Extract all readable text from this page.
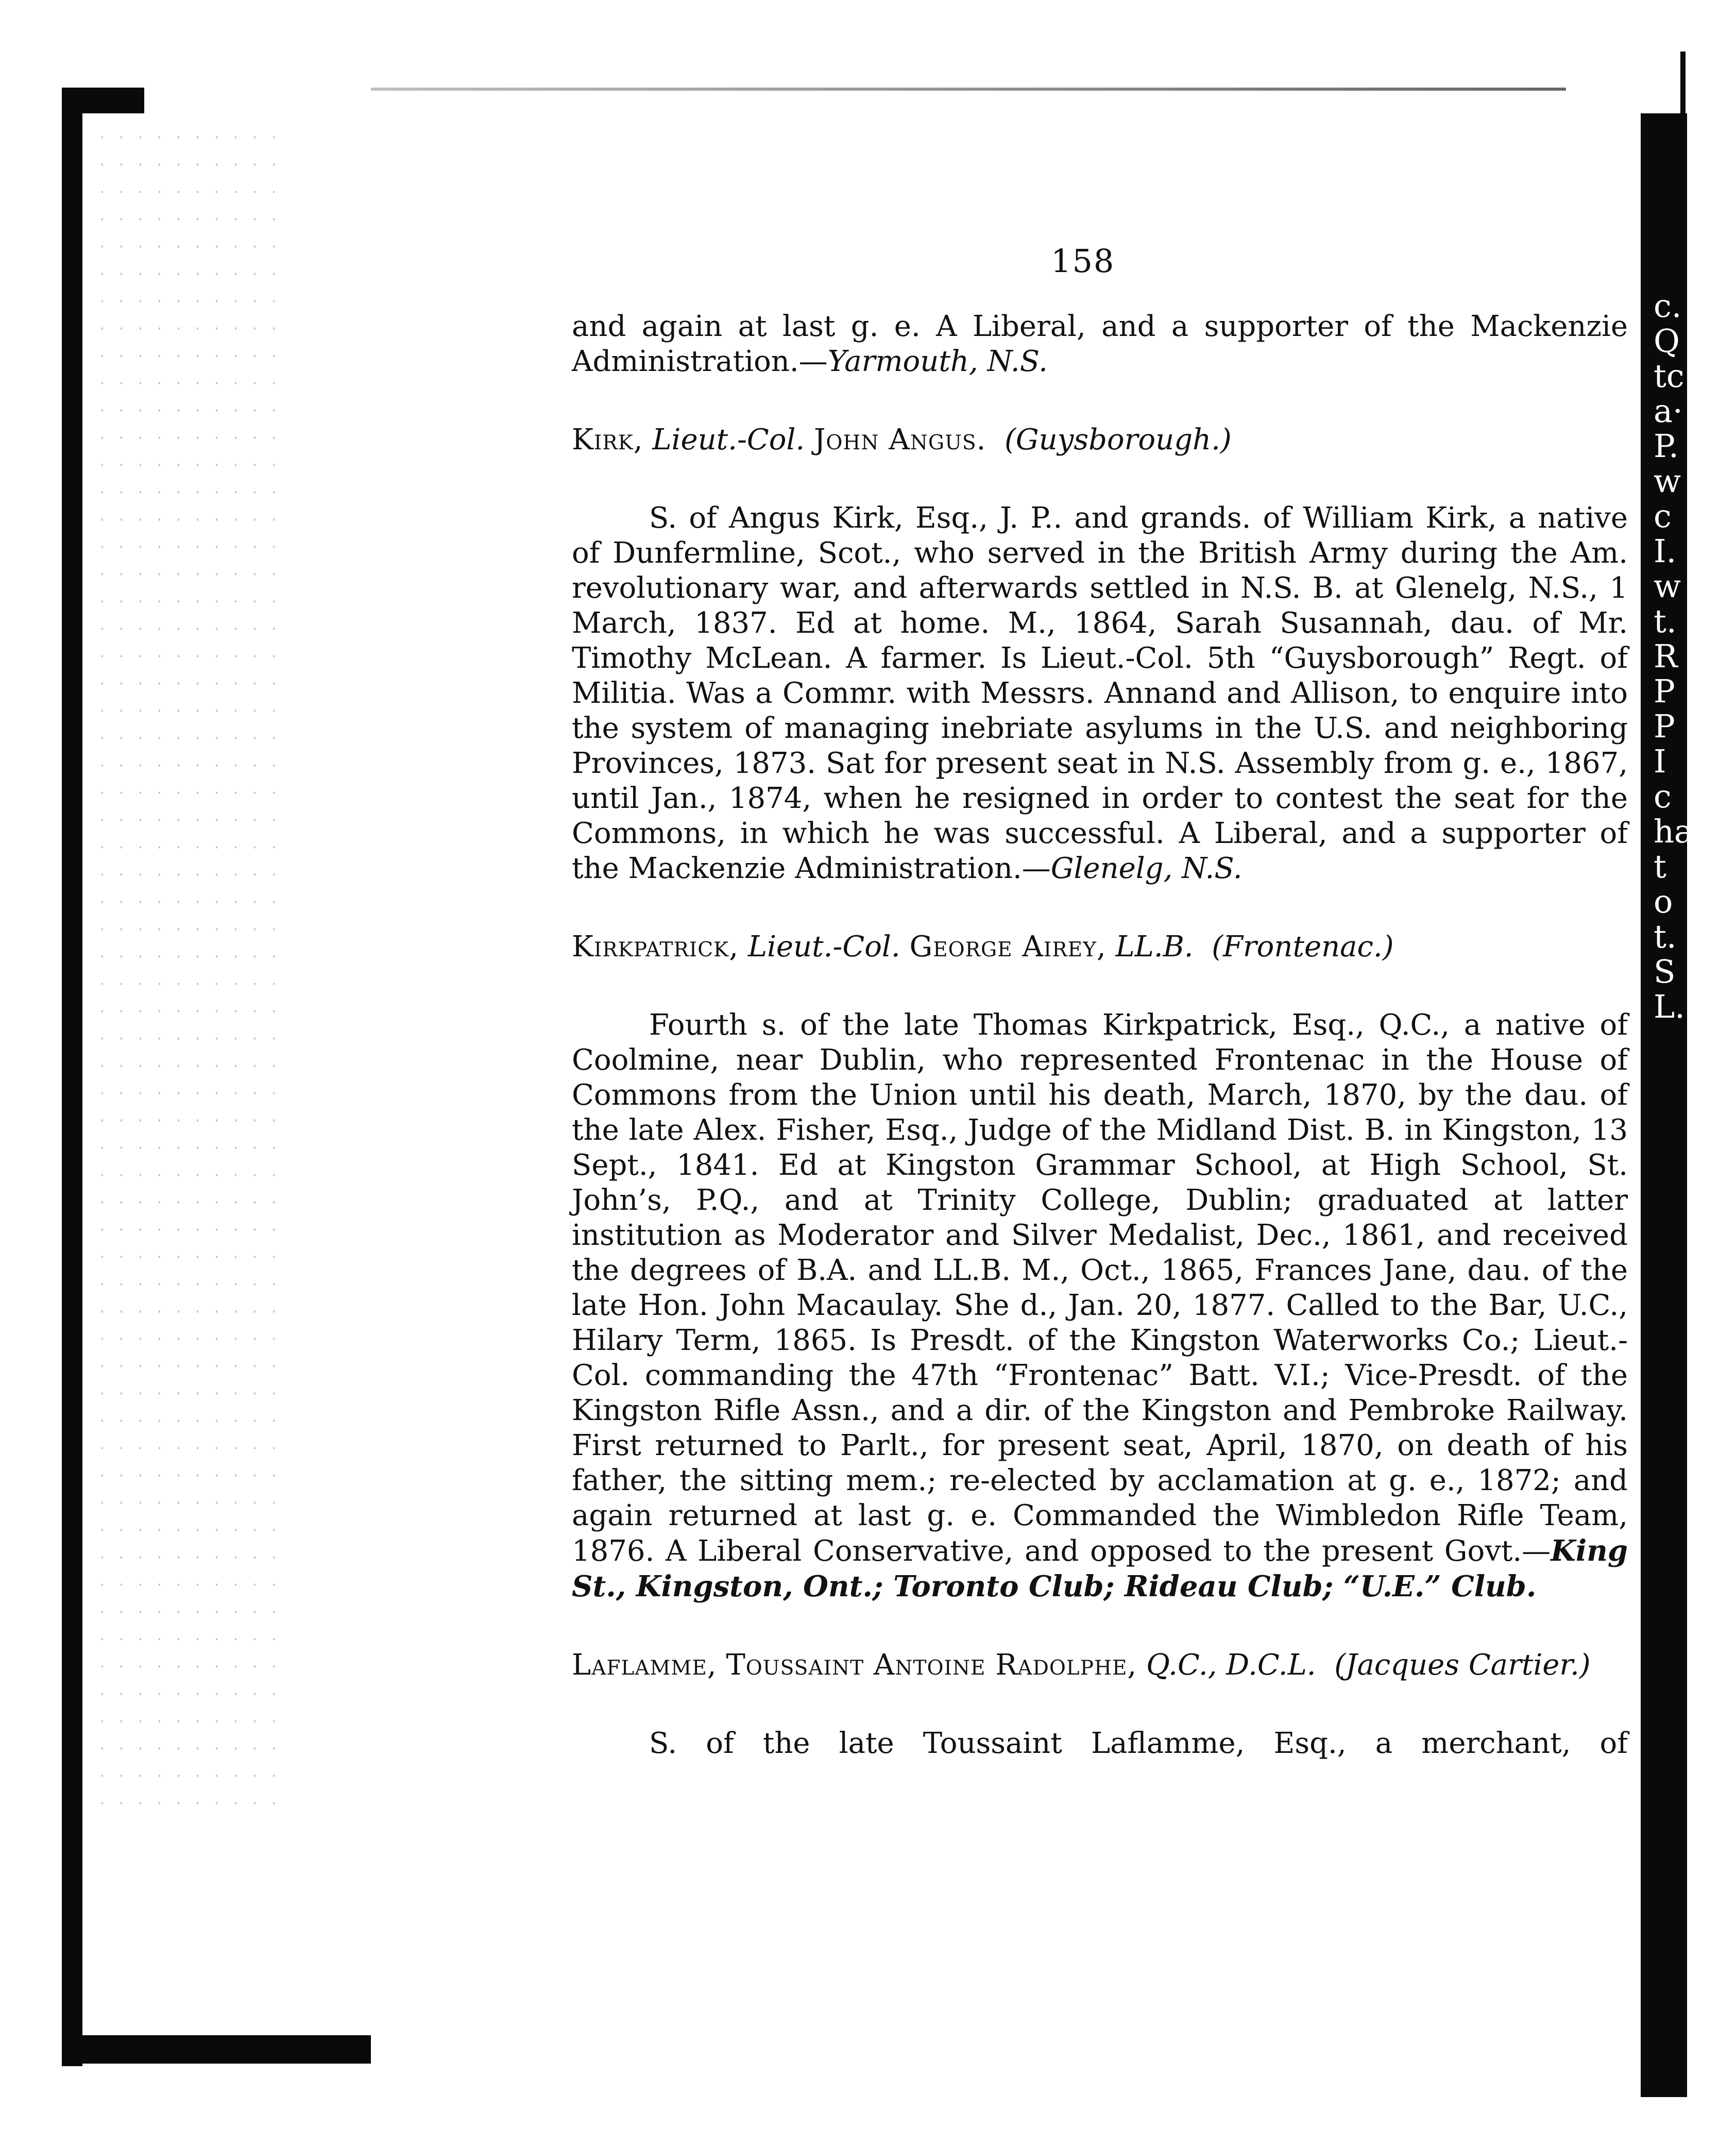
c.
Q
tc
a·
P.
w
c
I.
w
t.
R
P
P
I
c
ha
t
o
t.
S
L.
158

and again at last g. e. A Liberal, and a supporter of the Mackenzie Administration.—Yarmouth, N.S.

Kirk, Lieut.-Col. John Angus. (Guysborough.)

S. of Angus Kirk, Esq., J. P.. and grands. of William Kirk, a native of Dunfermline, Scot., who served in the British Army during the Am. revolutionary war, and afterwards settled in N.S. B. at Glenelg, N.S., 1 March, 1837. Ed at home. M., 1864, Sarah Susannah, dau. of Mr. Timothy McLean. A farmer. Is Lieut.-Col. 5th “Guysborough” Regt. of Militia. Was a Commr. with Messrs. Annand and Allison, to enquire into the system of managing inebriate asylums in the U.S. and neighboring Provinces, 1873. Sat for present seat in N.S. Assembly from g. e., 1867, until Jan., 1874, when he resigned in order to contest the seat for the Commons, in which he was successful. A Liberal, and a supporter of the Mackenzie Administration.—Glenelg, N.S.

Kirkpatrick, Lieut.-Col. George Airey, LL.B. (Frontenac.)

Fourth s. of the late Thomas Kirkpatrick, Esq., Q.C., a native of Coolmine, near Dublin, who represented Frontenac in the House of Commons from the Union until his death, March, 1870, by the dau. of the late Alex. Fisher, Esq., Judge of the Midland Dist. B. in Kingston, 13 Sept., 1841. Ed at Kingston Grammar School, at High School, St. John’s, P.Q., and at Trinity College, Dublin; graduated at latter institution as Moderator and Silver Medalist, Dec., 1861, and received the degrees of B.A. and LL.B. M., Oct., 1865, Frances Jane, dau. of the late Hon. John Macaulay. She d., Jan. 20, 1877. Called to the Bar, U.C., Hilary Term, 1865. Is Presdt. of the Kingston Waterworks Co.; Lieut.-Col. commanding the 47th “Frontenac” Batt. V.I.; Vice-Presdt. of the Kingston Rifle Assn., and a dir. of the Kingston and Pembroke Railway. First returned to Parlt., for present seat, April, 1870, on death of his father, the sitting mem.; re-elected by acclamation at g. e., 1872; and again returned at last g. e. Commanded the Wimbledon Rifle Team, 1876. A Liberal Conservative, and opposed to the present Govt.—King St., Kingston, Ont.; Toronto Club; Rideau Club; “U.E.” Club.

Laflamme, Toussaint Antoine Radolphe, Q.C., D.C.L. (Jacques Cartier.)

S. of the late Toussaint Laflamme, Esq., a merchant, of
